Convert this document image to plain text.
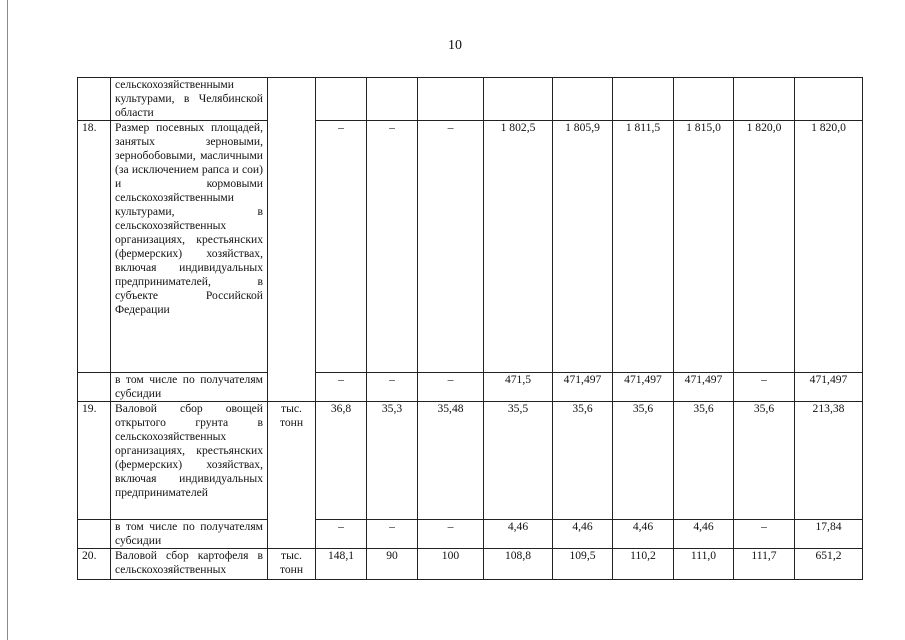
10
	сельскохозяйственными культурами, в Челябинской области										
18.	Размер посевных площадей, занятых зерновыми, зернобобовыми, масличными (за исключением рапса и сои) и кормовыми сельскохозяйственными культурами, в сельскохозяйственных организациях, крестьянских (фермерских) хозяйствах, включая индивидуальных предпринимателей, в субъекте Российской Федерации		–	–	–	1 802,5	1 805,9	1 811,5	1 815,0	1 820,0	1 820,0
	в том числе по получателям субсидии		–	–	–	471,5	471,497	471,497	471,497	–	471,497
19.	Валовой сбор овощей открытого грунта в сельскохозяйственных организациях, крестьянских (фермерских) хозяйствах, включая индивидуальных предпринимателей	тыс. тонн	36,8	35,3	35,48	35,5	35,6	35,6	35,6	35,6	213,38
	в том числе по получателям субсидии		–	–	–	4,46	4,46	4,46	4,46	–	17,84
20.	Валовой сбор картофеля в сельскохозяйственных	тыс. тонн	148,1	90	100	108,8	109,5	110,2	111,0	111,7	651,2
